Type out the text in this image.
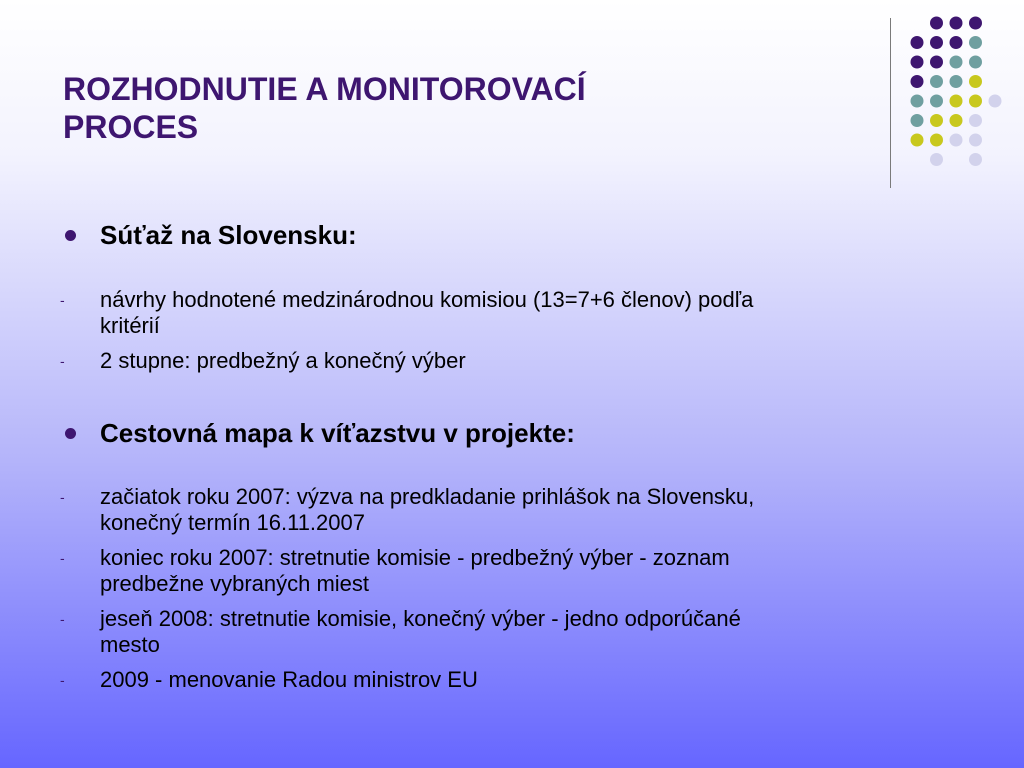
ROZHODNUTIE A MONITOROVACÍ
PROCES
Súťaž na Slovensku:
- návrhy hodnotené medzinárodnou komisiou (13=7+6 členov) podľa
kritérií
- 2 stupne: predbežný a konečný výber
Cestovná mapa k víťazstvu v projekte:
- začiatok roku 2007: výzva na predkladanie prihlášok na Slovensku,
konečný termín 16.11.2007
- koniec roku 2007: stretnutie komisie - predbežný výber - zoznam
predbežne vybraných miest
- jeseň 2008: stretnutie komisie, konečný výber - jedno odporúčané
mesto
- 2009 - menovanie Radou ministrov EU
